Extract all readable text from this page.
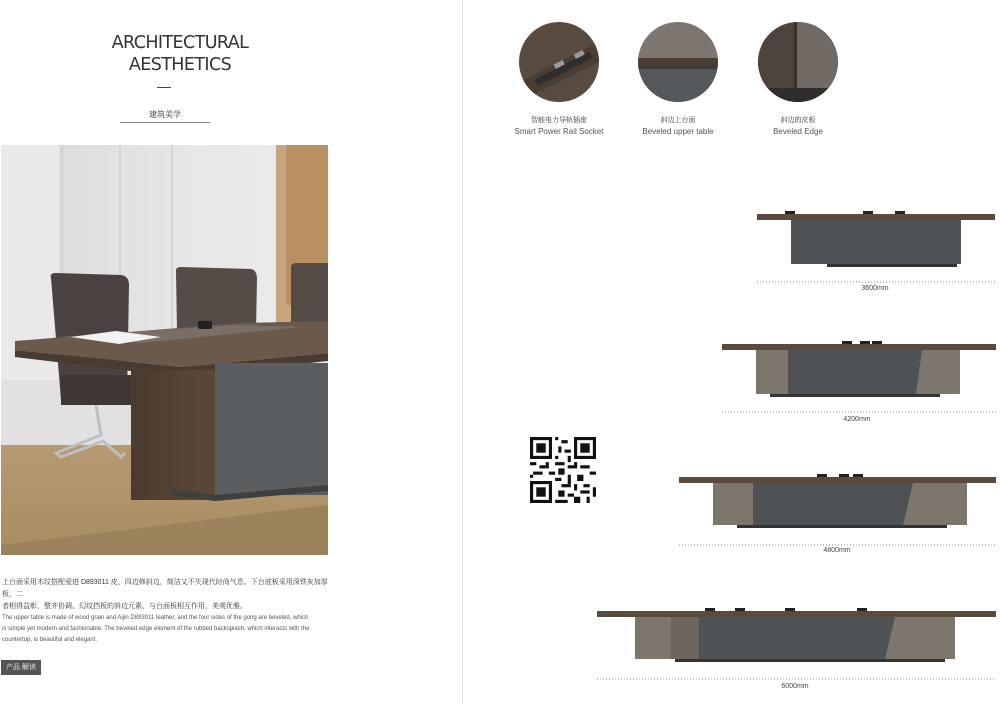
ARCHITECTURAL
AESTHETICS
建筑美学
上台面采用木纹搭配爱进 D893011 皮，四边修斜边，简洁又不失现代时尚气息。下台底板采用深铁灰加厚板，二
者相得益彰，整齐协调。幻纹挡板的斜边元素，与台面板相互作用，美观优雅。
The upper table is made of wood grain and Aijin D893011 leather, and the four sides of the gong are beveled, which
is simple yet modern and fashionable. The beveled edge element of the rubbed backsplash, which interacts with the
countertop, is beautiful and elegant.
产品 解读
智能电力导轨插座
Smart Power Rail Socket
斜边上台面
Beveled upper table
斜边的皮板
Beveled Edge
3600mm
4200mm
4800mm
6000mm
